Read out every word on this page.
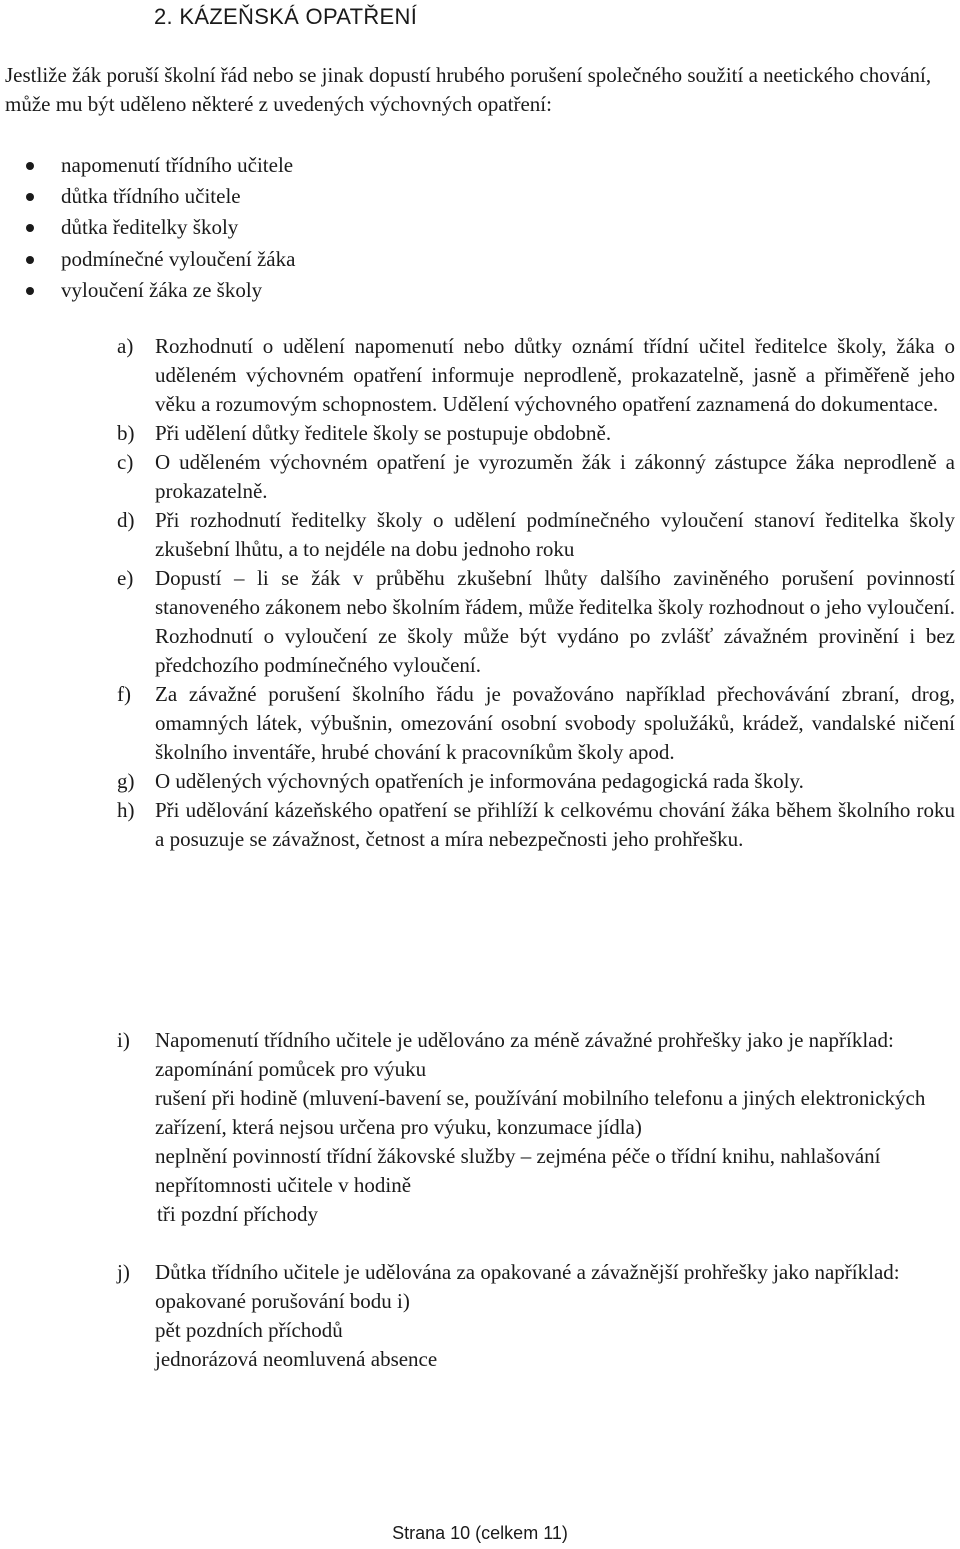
2. KÁZEŇSKÁ OPATŘENÍ

Jestliže žák poruší školní řád nebo se jinak dopustí hrubého porušení společného soužití a neetického chování, může mu být uděleno některé z uvedených výchovných opatření:

napomenutí třídního učitele
důtka třídního učitele
důtka ředitelky školy
podmínečné vyloučení žáka
vyloučení žáka ze školy
a) Rozhodnutí o udělení napomenutí nebo důtky oznámí třídní učitel ředitelce školy, žáka o uděleném výchovném opatření informuje neprodleně, prokazatelně, jasně a přiměřeně jeho věku a rozumovým schopnostem. Udělení výchovného opatření zaznamená do dokumentace.
b) Při udělení důtky ředitele školy se postupuje obdobně.
c) O uděleném výchovném opatření je vyrozuměn žák i zákonný zástupce žáka neprodleně a prokazatelně.
d) Při rozhodnutí ředitelky školy o udělení podmínečného vyloučení stanoví ředitelka školy zkušební lhůtu, a to nejdéle na dobu jednoho roku
e) Dopustí – li se žák v průběhu zkušební lhůty dalšího zaviněného porušení povinností stanoveného zákonem nebo školním řádem, může ředitelka školy rozhodnout o jeho vyloučení. Rozhodnutí o vyloučení ze školy může být vydáno po zvlášť závažném provinění i bez předchozího podmínečného vyloučení.
f) Za závažné porušení školního řádu je považováno například přechovávání zbraní, drog, omamných látek, výbušnin, omezování osobní svobody spolužáků, krádež, vandalské ničení školního inventáře, hrubé chování k pracovníkům školy apod.
g) O udělených výchovných opatřeních je informována pedagogická rada školy.
h) Při udělování kázeňského opatření se přihlíží k celkovému chování žáka během školního roku a posuzuje se závažnost, četnost a míra nebezpečnosti jeho prohřešku.
i) Napomenutí třídního učitele je udělováno za méně závažné prohřešky jako je například:
zapomínání pomůcek pro výuku
rušení při hodině (mluvení-bavení se, používání mobilního telefonu a jiných elektronických zařízení, která nejsou určena pro výuku, konzumace jídla)
neplnění povinností třídní žákovské služby – zejména péče o třídní knihu, nahlašování nepřítomnosti učitele v hodině
tři pozdní příchody
j) Důtka třídního učitele je udělována za opakované a závažnější prohřešky jako například:
opakované porušování bodu i)
pět pozdních příchodů
jednorázová neomluvená absence
Strana 10 (celkem 11)
